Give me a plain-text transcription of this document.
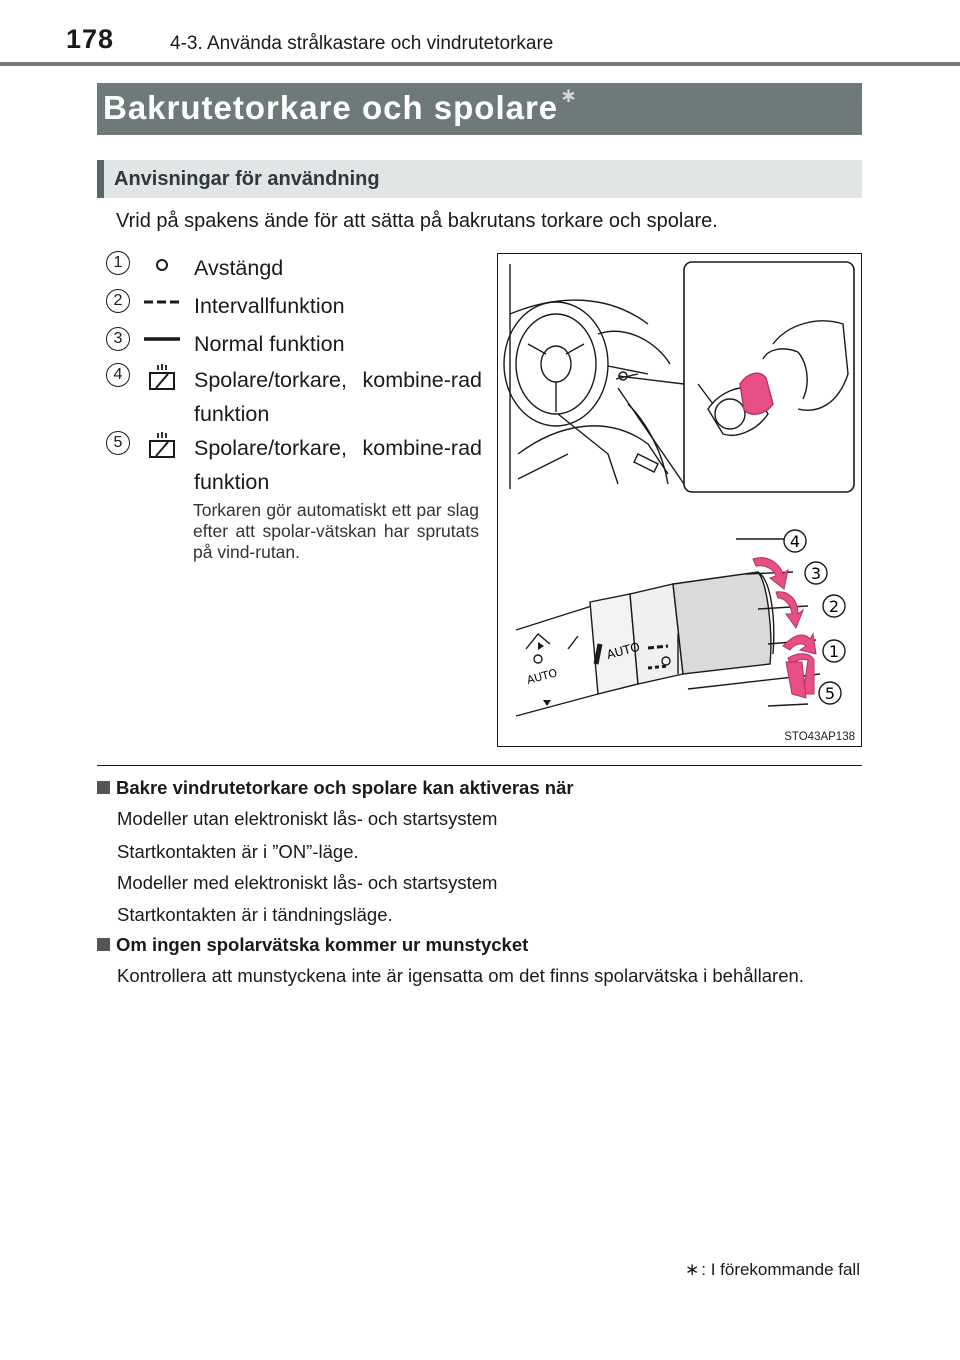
178	4-3. Använda strålkastare och vindrutetorkare
Bakrutetorkare och spolare ∗
Anvisningar för användning
Vrid på spakens ände för att sätta på bakrutans torkare och spolare.
1	Avstängd
2	Intervallfunktion
3	Normal funktion
4	Spolare/torkare, kombine-rad funktion
5	Spolare/torkare, kombine-rad funktion
Torkaren gör automatiskt ett par slag efter att spolar-vätskan har sprutats på vind-rutan.
AUTO
AUTO
4
3
2
1
5
STO43AP138
Bakre vindrutetorkare och spolare kan aktiveras när
Modeller utan elektroniskt lås- och startsystem
Startkontakten är i ”ON”-läge.
Modeller med elektroniskt lås- och startsystem
Startkontakten är i tändningsläge.
Om ingen spolarvätska kommer ur munstycket
Kontrollera att munstyckena inte är igensatta om det finns spolarvätska i behållaren.
∗ : I förekommande fall
